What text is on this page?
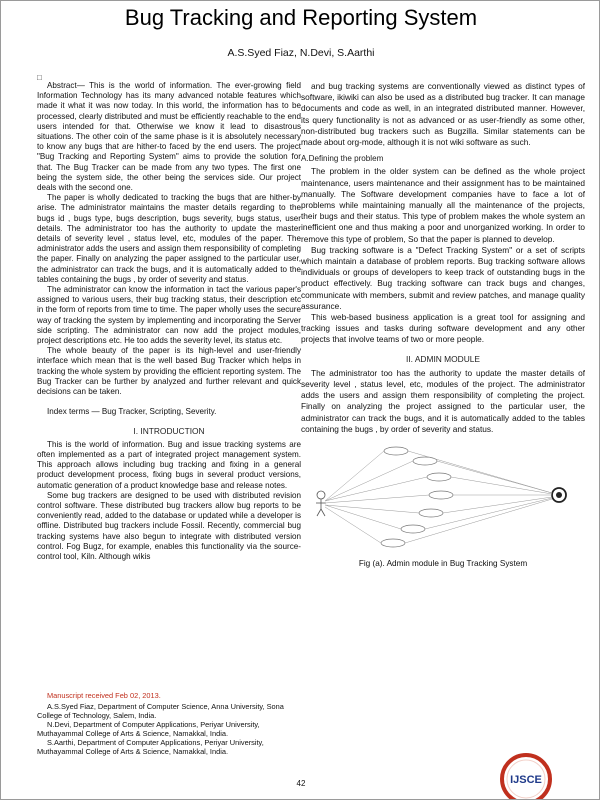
Bug Tracking and Reporting System
A.S.Syed Fiaz, N.Devi, S.Aarthi
□

Abstract— This is the world of information. The ever-growing field Information Technology has its many advanced notable features which made it what it was now today. In this world, the information has to be processed, clearly distributed and must be efficiently reachable to the end users intended for that. Otherwise we know it lead to disastrous situations. The other coin of the same phase is it is absolutely necessary to know any bugs that are hither-to faced by the end users. The project "Bug Tracking and Reporting System" aims to provide the solution for that. The Bug Tracker can be made from any two types. The first one being the system side, the other being the services side. Our project deals with the second one.

The paper is wholly dedicated to tracking the bugs that are hither-by arise. The administrator maintains the master details regarding to the bugs id , bugs type, bugs description, bugs severity, bugs status, user details. The administrator too has the authority to update the master details of severity level , status level, etc, modules of the paper. The administrator adds the users and assign them responsibility of completing the paper. Finally on analyzing the paper assigned to the particular user, the administrator can track the bugs, and it is automatically added to the tables containing the bugs , by order of severity and status.

The administrator can know the information in tact the various paper's assigned to various users, their bug tracking status, their description etc in the form of reports from time to time. The paper wholly uses the secure way of tracking the system by implementing and incorporating the Server side scripting. The administrator can now add the project modules, project descriptions etc. He too adds the severity level, its status etc.

The whole beauty of the paper is its high-level and user-friendly interface which mean that is the well based Bug Tracker which helps in tracking the whole system by providing the efficient reporting system. The Bug Tracker can be further by analyzed and further relevant and quick decisions can be taken.

Index terms — Bug Tracker, Scripting, Severity.
I. INTRODUCTION

This is the world of information. Bug and issue tracking systems are often implemented as a part of integrated project management system. This approach allows including bug tracking and fixing in a general product development process, fixing bugs in several product versions, automatic generation of a product knowledge base and release notes.

Some bug trackers are designed to be used with distributed revision control software. These distributed bug trackers allow bug reports to be conveniently read, added to the database or updated while a developer is offline. Distributed bug trackers include Fossil. Recently, commercial bug tracking systems have also begun to integrate with distributed version control. Fog Bugz, for example, enables this functionality via the source-control tool, Kiln. Although wikis

and bug tracking systems are conventionally viewed as distinct types of software, ikiwiki can also be used as a distributed bug tracker. It can manage documents and code as well, in an integrated distributed manner. However, its query functionality is not as advanced or as user-friendly as some other, non-distributed bug trackers such as Bugzilla. Similar statements can be made about org-mode, although it is not wiki software as such.

A.Defining the problem

The problem in the older system can be defined as the whole project maintenance, users maintenance and their assignment has to be maintained manually. The Software development companies have to face a lot of problems while maintaining manually all the maintenance of the projects, their bugs and their status. This type of problem makes the whole system an inefficient one and thus making a poor and unorganized working. In order to remove this type of problem, So that the paper is planned to develop.

Bug tracking software is a "Defect Tracking System" or a set of scripts which maintain a database of problem reports. Bug tracking software allows individuals or groups of developers to keep track of outstanding bugs in the product effectively. Bug tracking software can track bugs and changes, communicate with members, submit and review patches, and manage quality assurance.

This web-based business application is a great tool for assigning and tracking issues and tasks during software development and any other projects that involve teams of two or more people.

II. ADMIN MODULE

The administrator too has the authority to update the master details of severity level , status level, etc, modules of the project. The administrator adds the users and assign them responsibility of completing the project. Finally on analyzing the project assigned to the particular user, the administrator can track the bugs, and it is automatically added to the tables containing the bugs , by order of severity and status.

Fig (a). Admin module in Bug Tracking System
Manuscript received Feb 02, 2013.

A.S.Syed Fiaz, Department of Computer Science, Anna University, Sona College of Technology, Salem, India.

N.Devi, Department of Computer Applications, Periyar University, Muthayammal College of Arts & Science, Namakkal, India.

S.Aarthi, Department of Computer Applications, Periyar University, Muthayammal College of Arts & Science, Namakkal, India.

42	IJSCE
